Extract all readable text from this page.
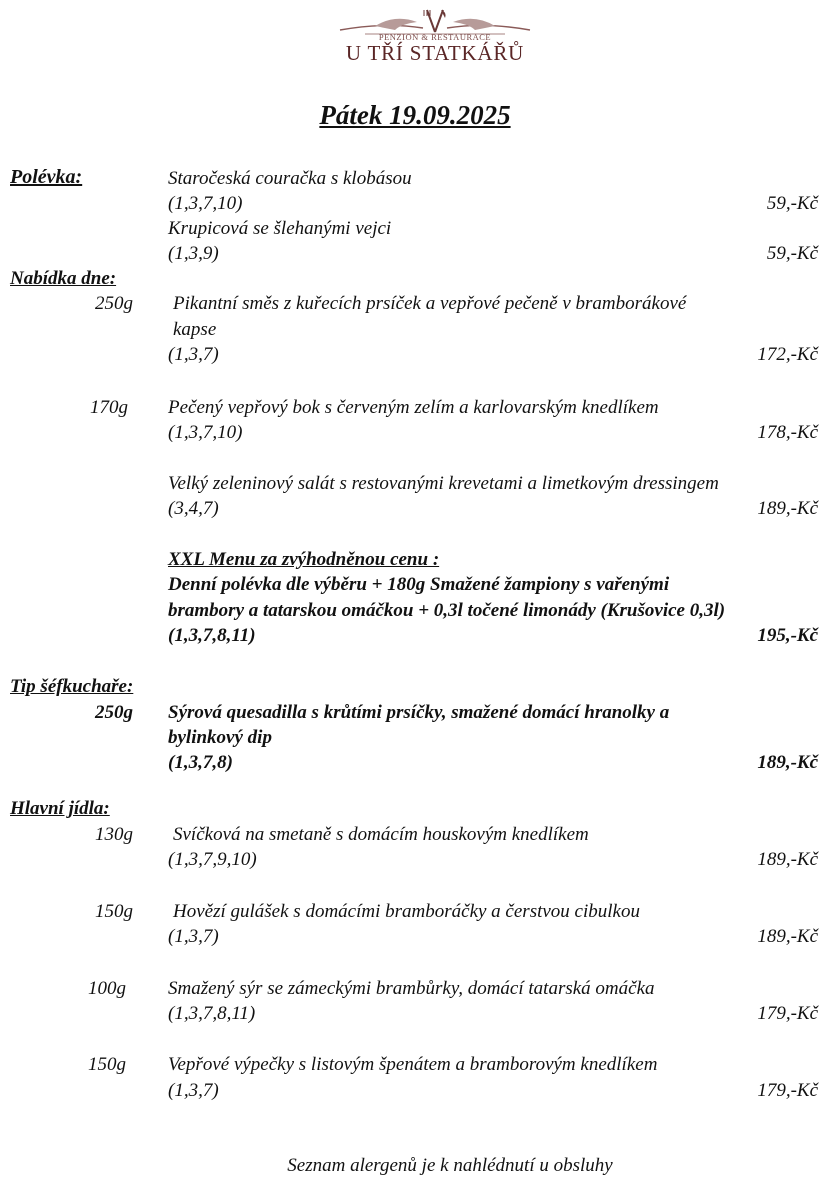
PENZION & RESTAURACE
U TŘÍ STATKÁŘŮ
Pátek 19.09.2025
Polévka:	Staročeská couračka s klobásou
(1,3,7,10)	59,-Kč
Krupicová se šlehanými vejci
(1,3,9)	59,-Kč
Nabídka dne:
250g Pikantní směs z kuřecích prsíček a vepřové pečeně v bramborákové
kapse
(1,3,7)	172,-Kč
170g Pečený vepřový bok s červeným zelím a karlovarským knedlíkem
(1,3,7,10)	178,-Kč
Velký zeleninový salát s restovanými krevetami a limetkovým dressingem
(3,4,7)	189,-Kč
XXL Menu za zvýhodněnou cenu :
Denní polévka dle výběru + 180g Smažené žampiony s vařenými
brambory a tatarskou omáčkou + 0,3l točené limonády (Krušovice 0,3l)
(1,3,7,8,11)	195,-Kč
Tip šéfkuchaře:
250g Sýrová quesadilla s krůtími prsíčky, smažené domácí hranolky a
bylinkový dip
(1,3,7,8)	189,-Kč
Hlavní jídla:
130g Svíčková na smetaně s domácím houskovým knedlíkem
(1,3,7,9,10)	189,-Kč
150g Hovězí gulášek s domácími bramboráčky a čerstvou cibulkou
(1,3,7)	189,-Kč
100g Smažený sýr se zámeckými brambůrky, domácí tatarská omáčka
(1,3,7,8,11)	179,-Kč
150g Vepřové výpečky s listovým špenátem a bramborovým knedlíkem
(1,3,7)	179,-Kč
Seznam alergenů je k nahlédnutí u obsluhy
